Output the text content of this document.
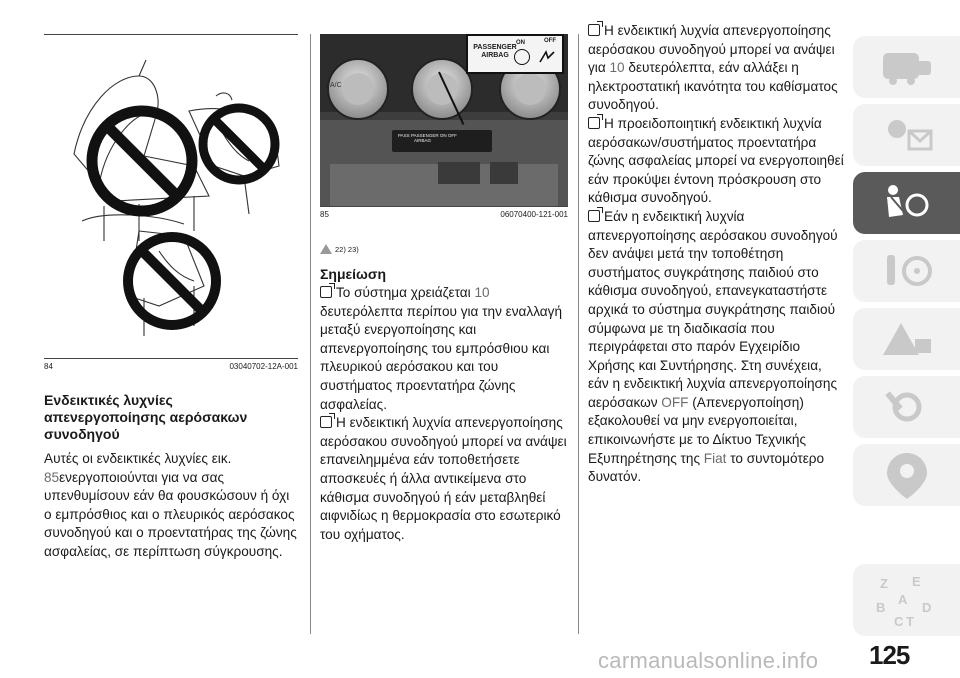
84	03040702-12A-001
Ενδεικτικές λυχνίες απενεργοποίησης αερόσακων συνοδηγού
Αυτές οι ενδεικτικές λυχνίες εικ. 85ενεργοποιούνται για να σας υπενθυμίσουν εάν θα φουσκώσουν ή όχι ο εμπρόσθιος και ο πλευρικός αερόσακος συνοδηγού και ο προεντατήρας της ζώνης ασφαλείας, σε περίπτωση σύγκρουσης.
A/C
PASS PASSENGER ON OFF
AIRBAG
PASSENGER
AIRBAG
ON	OFF
85	06070400-121-001
22) 23)
Σημείωση

Το σύστημα χρειάζεται 10 δευτερόλεπτα περίπου για την εναλλαγή μεταξύ ενεργοποίησης και απενεργοποίησης του εμπρόσθιου και πλευρικού αερόσακου και του συστήματος προεντατήρα ζώνης ασφαλείας.

Η ενδεικτική λυχνία απενεργοποίησης αερόσακου συνοδηγού μπορεί να ανάψει επανειλημμένα εάν τοποθετήσετε αποσκευές ή άλλα αντικείμενα στο κάθισμα συνοδηγού ή εάν μεταβληθεί αιφνιδίως η θερμοκρασία στο εσωτερικό του οχήματος.

Η ενδεικτική λυχνία απενεργοποίησης αερόσακου συνοδηγού μπορεί να ανάψει για 10 δευτερόλεπτα, εάν αλλάξει η ηλεκτροστατική ικανότητα του καθίσματος συνοδηγού.

Η προειδοποιητική ενδεικτική λυχνία αερόσακων/συστήματος προεντατήρα ζώνης ασφαλείας μπορεί να ενεργοποιηθεί εάν προκύψει έντονη πρόσκρουση στο κάθισμα συνοδηγού.

Εάν η ενδεικτική λυχνία απενεργοποίησης αερόσακου συνοδηγού δεν ανάψει μετά την τοποθέτηση συστήματος συγκράτησης παιδιού στο κάθισμα συνοδηγού, επανεγκαταστήστε αρχικά το σύστημα συγκράτησης παιδιού σύμφωνα με τη διαδικασία που περιγράφεται στο παρόν Εγχειρίδιο Χρήσης και Συντήρησης. Στη συνέχεια, εάν η ενδεικτική λυχνία απενεργοποίησης αερόσακων OFF (Απενεργοποίηση) εξακολουθεί να μην ενεργοποιείται, επικοινωνήστε με το Δίκτυο Τεχνικής Εξυπηρέτησης της Fiat το συντομότερο δυνατόν.

Z E
B
A
D
C T
125
carmanualsonline.info
